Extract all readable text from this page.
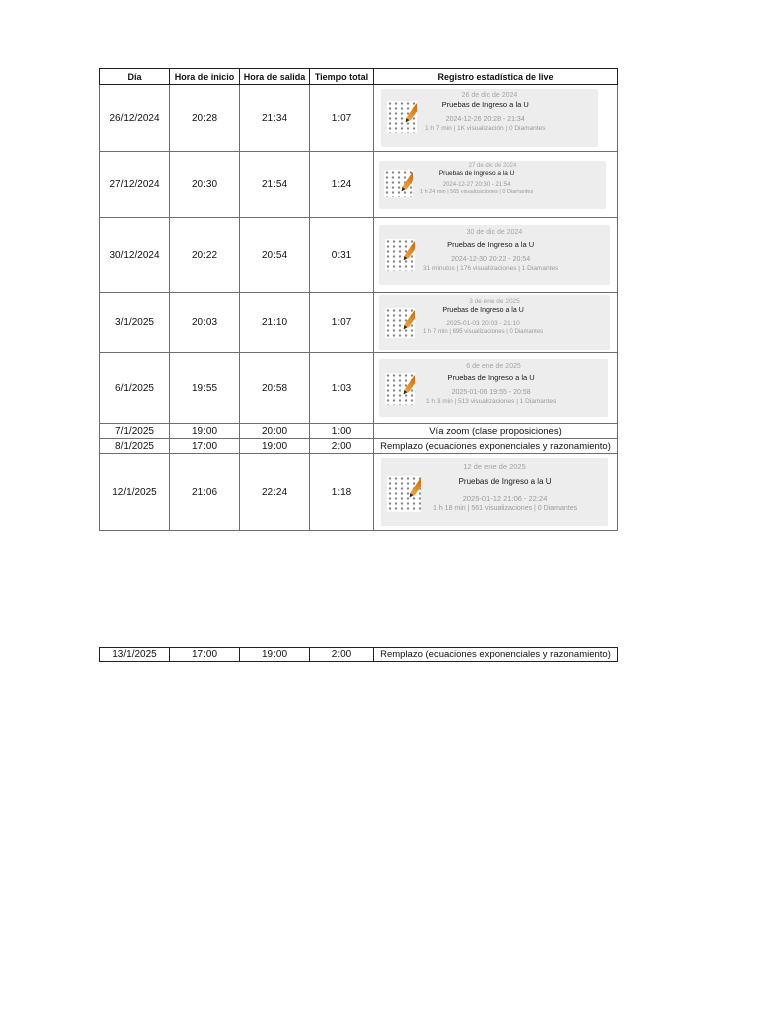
Día	Hora de inicio	Hora de salida	Tiempo total	Registro estadística de live
26/12/2024	20:28	21:34	1:07	26 de dic de 2024
Pruebas de Ingreso a la U
2024-12-26 20:28 - 21:34
1 h 7 min | 1K visualización | 0 Diamantes

27/12/2024	20:30	21:54	1:24	27 de dic de 2024
Pruebas de Ingreso a la U
2024-12-27 20:30 - 21:54
1 h 24 min | 565 visualizaciones | 0 Diamantes

30/12/2024	20:22	20:54	0:31	30 de dic de 2024
Pruebas de Ingreso a la U
2024-12-30 20:22 - 20:54
31 minutos | 176 visualizaciones | 1 Diamantes

3/1/2025	20:03	21:10	1:07	3 de ene de 2025
Pruebas de Ingreso a la U
2025-01-03 20:03 - 21:10
1 h 7 min | 695 visualizaciones | 0 Diamantes

6/1/2025	19:55	20:58	1:03	6 de ene de 2025
Pruebas de Ingreso a la U
2025-01-06 19:55 - 20:58
1 h 3 min | 513 visualizaciones | 1 Diamantes

7/1/2025	19:00	20:00	1:00	Vía zoom (clase proposiciones)
8/1/2025	17:00	19:00	2:00	Remplazo (ecuaciones exponenciales y razonamiento)
12/1/2025	21:06	22:24	1:18	12 de ene de 2025
Pruebas de Ingreso a la U
2025-01-12 21:06 - 22:24
1 h 18 min | 561 visualizaciones | 0 Diamantes
13/1/2025	17:00	19:00	2:00	Remplazo (ecuaciones exponenciales y razonamiento)
